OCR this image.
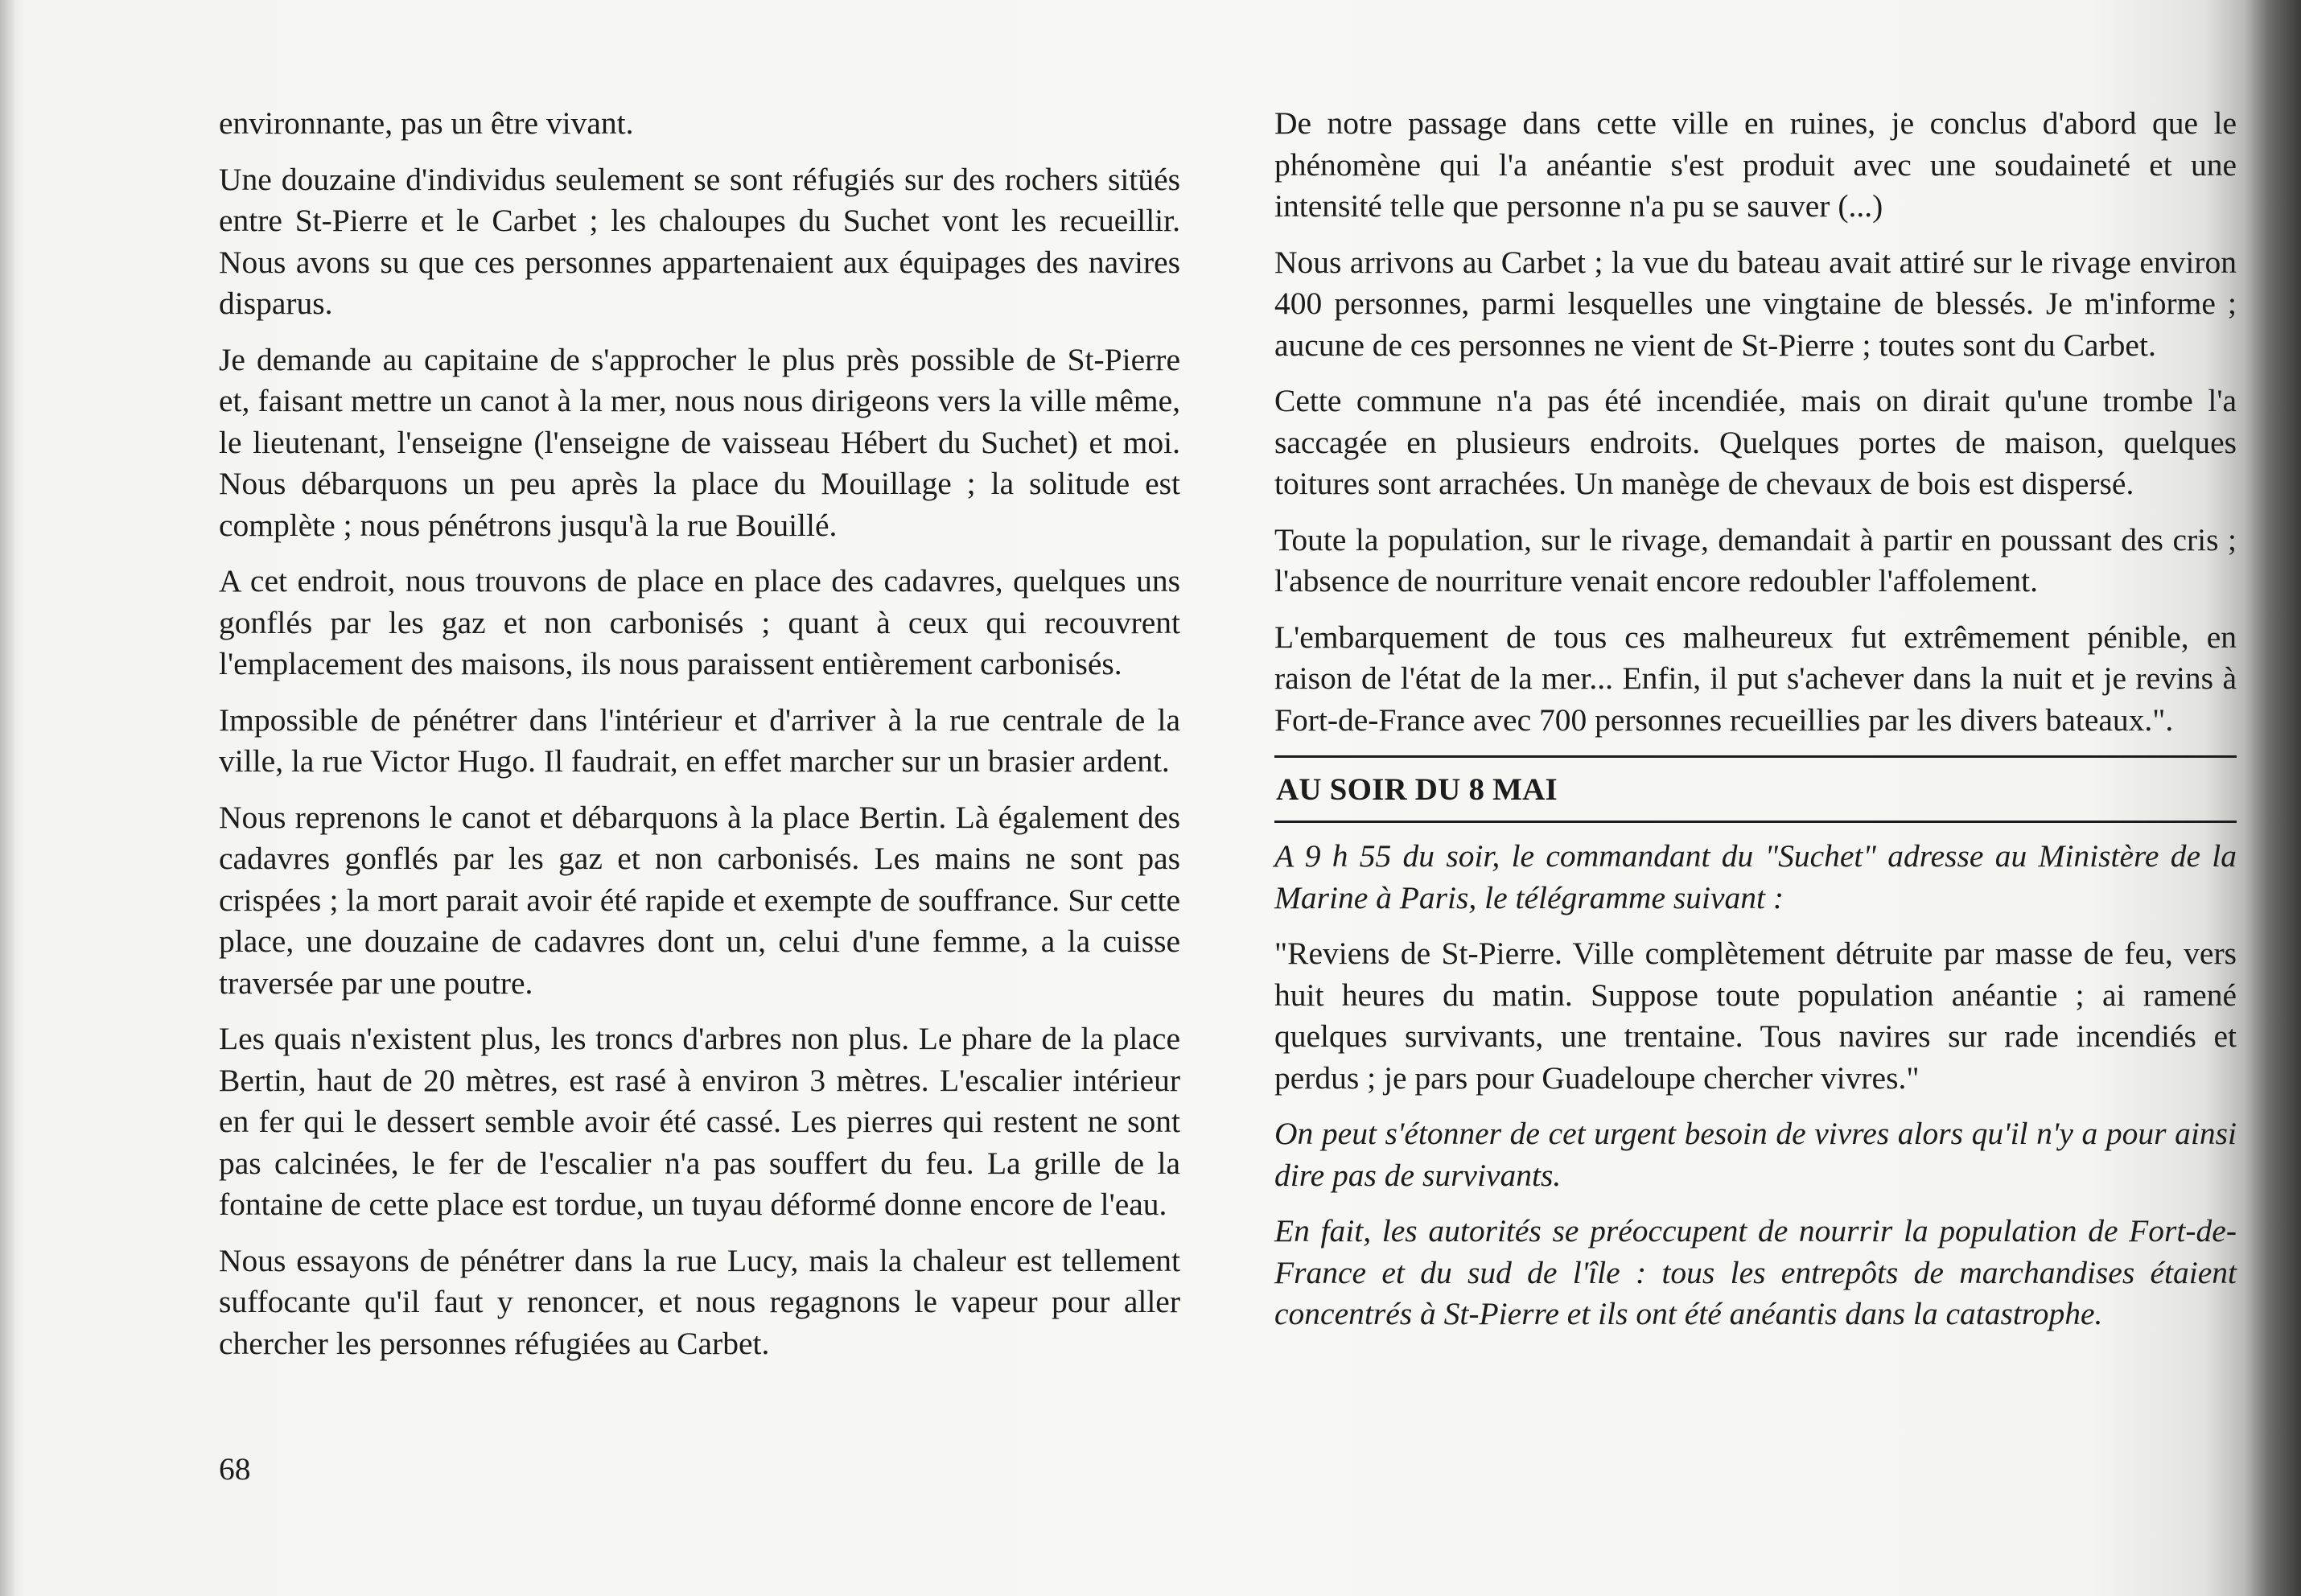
environnante, pas un être vivant.

Une douzaine d'individus seulement se sont réfugiés sur des rochers sitüés entre St-Pierre et le Carbet ; les chaloupes du Suchet vont les recueillir. Nous avons su que ces personnes appartenaient aux équipages des navires disparus.

Je demande au capitaine de s'approcher le plus près possible de St-Pierre et, faisant mettre un canot à la mer, nous nous dirigeons vers la ville même, le lieutenant, l'enseigne (l'enseigne de vaisseau Hébert du Suchet) et moi. Nous débarquons un peu après la place du Mouillage ; la solitude est complète ; nous pénétrons jusqu'à la rue Bouillé.

A cet endroit, nous trouvons de place en place des cadavres, quelques uns gonflés par les gaz et non carbonisés ; quant à ceux qui recouvrent l'emplacement des maisons, ils nous paraissent entièrement carbonisés.

Impossible de pénétrer dans l'intérieur et d'arriver à la rue centrale de la ville, la rue Victor Hugo. Il faudrait, en effet marcher sur un brasier ardent.

Nous reprenons le canot et débarquons à la place Bertin. Là également des cadavres gonflés par les gaz et non carbonisés. Les mains ne sont pas crispées ; la mort parait avoir été rapide et exempte de souffrance. Sur cette place, une douzaine de cadavres dont un, celui d'une femme, a la cuisse traversée par une poutre.

Les quais n'existent plus, les troncs d'arbres non plus. Le phare de la place Bertin, haut de 20 mètres, est rasé à environ 3 mètres. L'escalier intérieur en fer qui le dessert semble avoir été cassé. Les pierres qui restent ne sont pas calcinées, le fer de l'escalier n'a pas souffert du feu. La grille de la fontaine de cette place est tordue, un tuyau déformé donne encore de l'eau.

Nous essayons de pénétrer dans la rue Lucy, mais la chaleur est tellement suffocante qu'il faut y renoncer, et nous regagnons le vapeur pour aller chercher les personnes réfugiées au Carbet.

68

De notre passage dans cette ville en ruines, je conclus d'abord que le phénomène qui l'a anéantie s'est produit avec une soudaineté et une intensité telle que personne n'a pu se sauver (...)

Nous arrivons au Carbet ; la vue du bateau avait attiré sur le rivage environ 400 personnes, parmi lesquelles une vingtaine de blessés. Je m'informe ; aucune de ces personnes ne vient de St-Pierre ; toutes sont du Carbet.

Cette commune n'a pas été incendiée, mais on dirait qu'une trombe l'a saccagée en plusieurs endroits. Quelques portes de maison, quelques toitures sont arrachées. Un manège de chevaux de bois est dispersé.

Toute la population, sur le rivage, demandait à partir en poussant des cris ; l'absence de nourriture venait encore redoubler l'affolement.

L'embarquement de tous ces malheureux fut extrêmement pénible, en raison de l'état de la mer... Enfin, il put s'achever dans la nuit et je revins à Fort-de-France avec 700 personnes recueillies par les divers bateaux.".

AU SOIR DU 8 MAI

A 9 h 55 du soir, le commandant du "Suchet" adresse au Ministère de la Marine à Paris, le télégramme suivant :

"Reviens de St-Pierre. Ville complètement détruite par masse de feu, vers huit heures du matin. Suppose toute population anéantie ; ai ramené quelques survivants, une trentaine. Tous navires sur rade incendiés et perdus ; je pars pour Guadeloupe chercher vivres."

On peut s'étonner de cet urgent besoin de vivres alors qu'il n'y a pour ainsi dire pas de survivants.

En fait, les autorités se préoccupent de nourrir la population de Fort-de-France et du sud de l'île : tous les entrepôts de marchandises étaient concentrés à St-Pierre et ils ont été anéantis dans la catastrophe.
